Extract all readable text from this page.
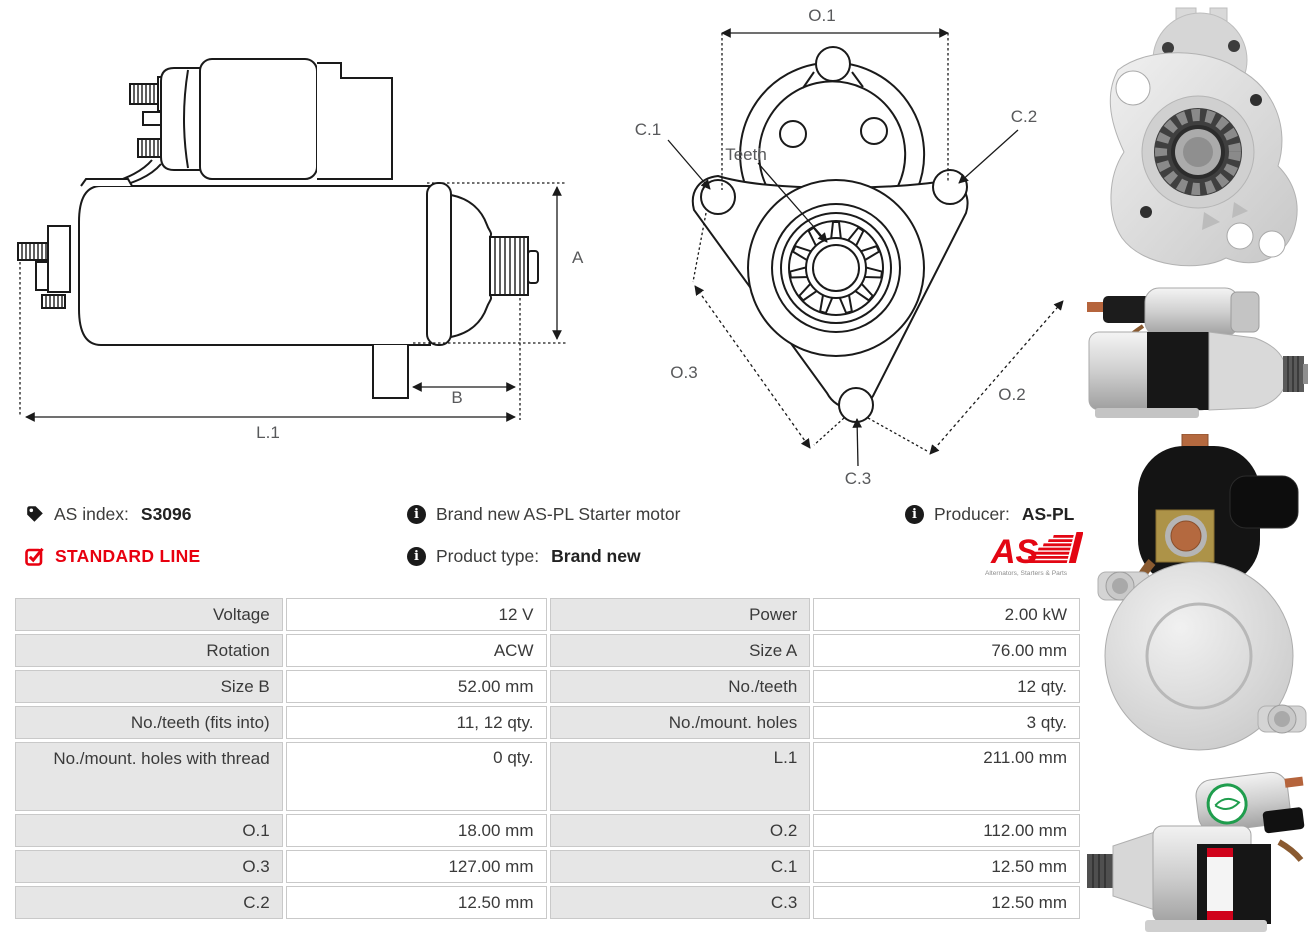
A
B
L.1
O.1
C.1
C.2
C.3
O.3
O.2
Teeth
AS index: S3096
STANDARD LINE
i Brand new AS-PL Starter motor
i Product type: Brand new
i Producer: AS-PL
AS
Alternators, Starters & Parts
Voltage	12 V	Power	2.00 kW
Rotation	ACW	Size A	76.00 mm
Size B	52.00 mm	No./teeth	12 qty.
No./teeth (fits into)	11, 12 qty.	No./mount. holes	3 qty.
No./mount. holes with thread	0 qty.	L.1	211.00 mm
O.1	18.00 mm	O.2	112.00 mm
O.3	127.00 mm	C.1	12.50 mm
C.2	12.50 mm	C.3	12.50 mm
